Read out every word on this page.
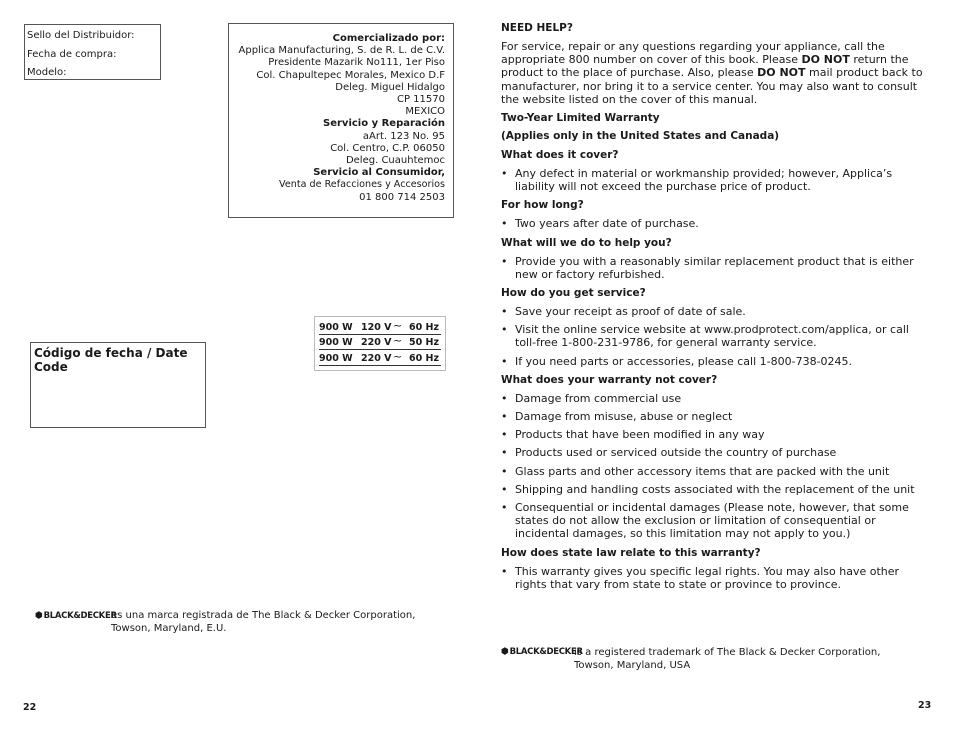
Sello del Distribuidor:
Fecha de compra:
Modelo:
Comercializado por:
Applica Manufacturing, S. de R. L. de C.V.
Presidente Mazarik No111, 1er Piso
Col. Chapultepec Morales, Mexico D.F
Deleg. Miguel Hidalgo
CP 11570
MEXICO
Servicio y Reparación
aArt. 123 No. 95
Col. Centro, C.P. 06050
Deleg. Cuauhtemoc
Servicio al Consumidor,
Venta de Refacciones y Accesorios
01 800 714 2503
900 W 120 V ~ 60 Hz
900 W 220 V ~ 50 Hz
900 W 220 V ~ 60 Hz
Código de fecha / Date Code
⬢BLACK&DECKER
es una marca registrada de The Black & Decker Corporation,
Towson, Maryland, E.U.
22

NEED HELP?

For service, repair or any questions regarding your appliance, call the appropriate 800 number on cover of this book. Please DO NOT return the product to the place of purchase. Also, please DO NOT mail product back to manufacturer, nor bring it to a service center. You may also want to consult the website listed on the cover of this manual.

Two-Year Limited Warranty

(Applies only in the United States and Canada)

What does it cover?

• Any defect in material or workmanship provided; however, Applica’s liability will not exceed the purchase price of product.

For how long?

• Two years after date of purchase.

What will we do to help you?

• Provide you with a reasonably similar replacement product that is either new or factory refurbished.

How do you get service?

• Save your receipt as proof of date of sale.
• Visit the online service website at www.prodprotect.com/applica, or call toll-free 1-800-231-9786, for general warranty service.
• If you need parts or accessories, please call 1-800-738-0245.

What does your warranty not cover?

• Damage from commercial use
• Damage from misuse, abuse or neglect
• Products that have been modified in any way
• Products used or serviced outside the country of purchase
• Glass parts and other accessory items that are packed with the unit
• Shipping and handling costs associated with the replacement of the unit
• Consequential or incidental damages (Please note, however, that some states do not allow the exclusion or limitation of consequential or incidental damages, so this limitation may not apply to you.)

How does state law relate to this warranty?

• This warranty gives you specific legal rights. You may also have other rights that vary from state to state or province to province.
⬢BLACK&DECKER
is a registered trademark of The Black & Decker Corporation,
Towson, Maryland, USA
23
